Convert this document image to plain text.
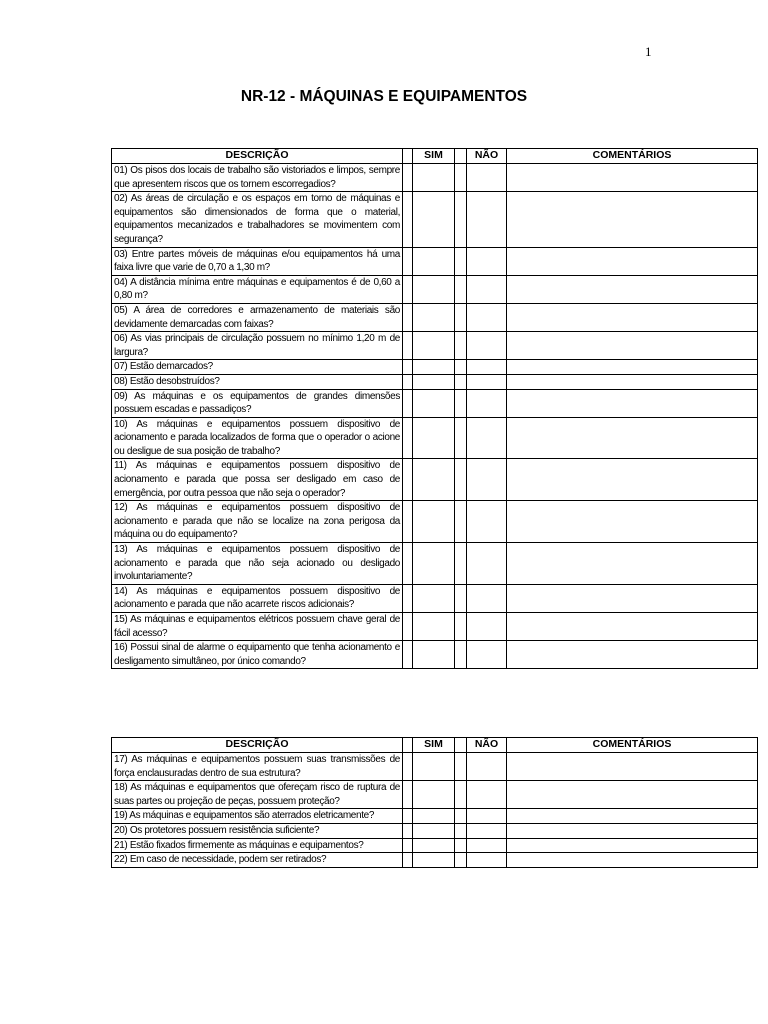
1
NR-12 - MÁQUINAS E EQUIPAMENTOS
DESCRIÇÃO		SIM		NÃO	COMENTÁRIOS
01) Os pisos dos locais de trabalho são vistoriados e limpos, sempre que apresentem riscos que os tornem escorregadios?					
02) As áreas de circulação e os espaços em torno de máquinas e equipamentos são dimensionados de forma que o material, equipamentos mecanizados e trabalhadores se movimentem com segurança?					
03) Entre partes móveis de máquinas e/ou equipamentos há uma faixa livre que varie de 0,70 a 1,30 m?					
04) A distância mínima entre máquinas e equipamentos é de 0,60 a 0,80 m?					
05) A área de corredores e armazenamento de materiais são devidamente demarcadas com faixas?					
06) As vias principais de circulação possuem no mínimo 1,20 m de largura?					
07) Estão demarcados?					
08) Estão desobstruídos?					
09) As máquinas e os equipamentos de grandes dimensões possuem escadas e passadiços?					
10) As máquinas e equipamentos possuem dispositivo de acionamento e parada localizados de forma que o operador o acione ou desligue de sua posição de trabalho?					
11) As máquinas e equipamentos possuem dispositivo de acionamento e parada que possa ser desligado em caso de emergência, por outra pessoa que não seja o operador?					
12) As máquinas e equipamentos possuem dispositivo de acionamento e parada que não se localize na zona perigosa da máquina ou do equipamento?					
13) As máquinas e equipamentos possuem dispositivo de acionamento e parada que não seja acionado ou desligado involuntariamente?					
14) As máquinas e equipamentos possuem dispositivo de acionamento e parada que não acarrete riscos adicionais?					
15) As máquinas e equipamentos elétricos possuem chave geral de fácil acesso?					
16) Possui sinal de alarme o equipamento que tenha acionamento e desligamento simultâneo, por único comando?					
DESCRIÇÃO		SIM		NÃO	COMENTÁRIOS
17) As máquinas e equipamentos possuem suas transmissões de força enclausuradas dentro de sua estrutura?					
18) As máquinas e equipamentos que ofereçam risco de ruptura de suas partes ou projeção de peças, possuem proteção?					
19) As máquinas e equipamentos são aterrados eletricamente?					
20) Os protetores possuem resistência suficiente?					
21) Estão fixados firmemente as máquinas e equipamentos?					
22) Em caso de necessidade, podem ser retirados?					
